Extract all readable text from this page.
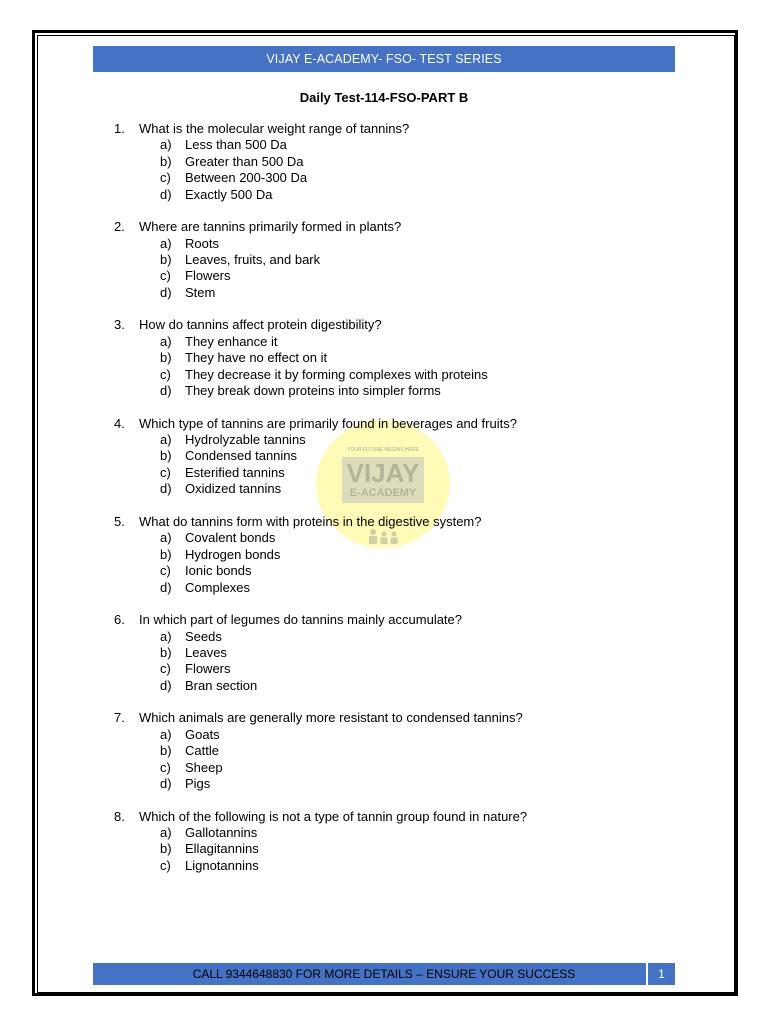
VIJAY E-ACADEMY- FSO- TEST SERIES
Daily Test-114-FSO-PART B
YOUR FUTURE BEGINS HERE
VIJAY
E-ACADEMY
1.	What is the molecular weight range of tannins?
a)	Less than 500 Da
b)	Greater than 500 Da
c)	Between 200-300 Da
d)	Exactly 500 Da
2.	Where are tannins primarily formed in plants?
a)	Roots
b)	Leaves, fruits, and bark
c)	Flowers
d)	Stem
3.	How do tannins affect protein digestibility?
a)	They enhance it
b)	They have no effect on it
c)	They decrease it by forming complexes with proteins
d)	They break down proteins into simpler forms
4.	Which type of tannins are primarily found in beverages and fruits?
a)	Hydrolyzable tannins
b)	Condensed tannins
c)	Esterified tannins
d)	Oxidized tannins
5.	What do tannins form with proteins in the digestive system?
a)	Covalent bonds
b)	Hydrogen bonds
c)	Ionic bonds
d)	Complexes
6.	In which part of legumes do tannins mainly accumulate?
a)	Seeds
b)	Leaves
c)	Flowers
d)	Bran section
7.	Which animals are generally more resistant to condensed tannins?
a)	Goats
b)	Cattle
c)	Sheep
d)	Pigs
8.	Which of the following is not a type of tannin group found in nature?
a)	Gallotannins
b)	Ellagitannins
c)	Lignotannins
CALL 9344648830 FOR MORE DETAILS – ENSURE YOUR SUCCESS	1
